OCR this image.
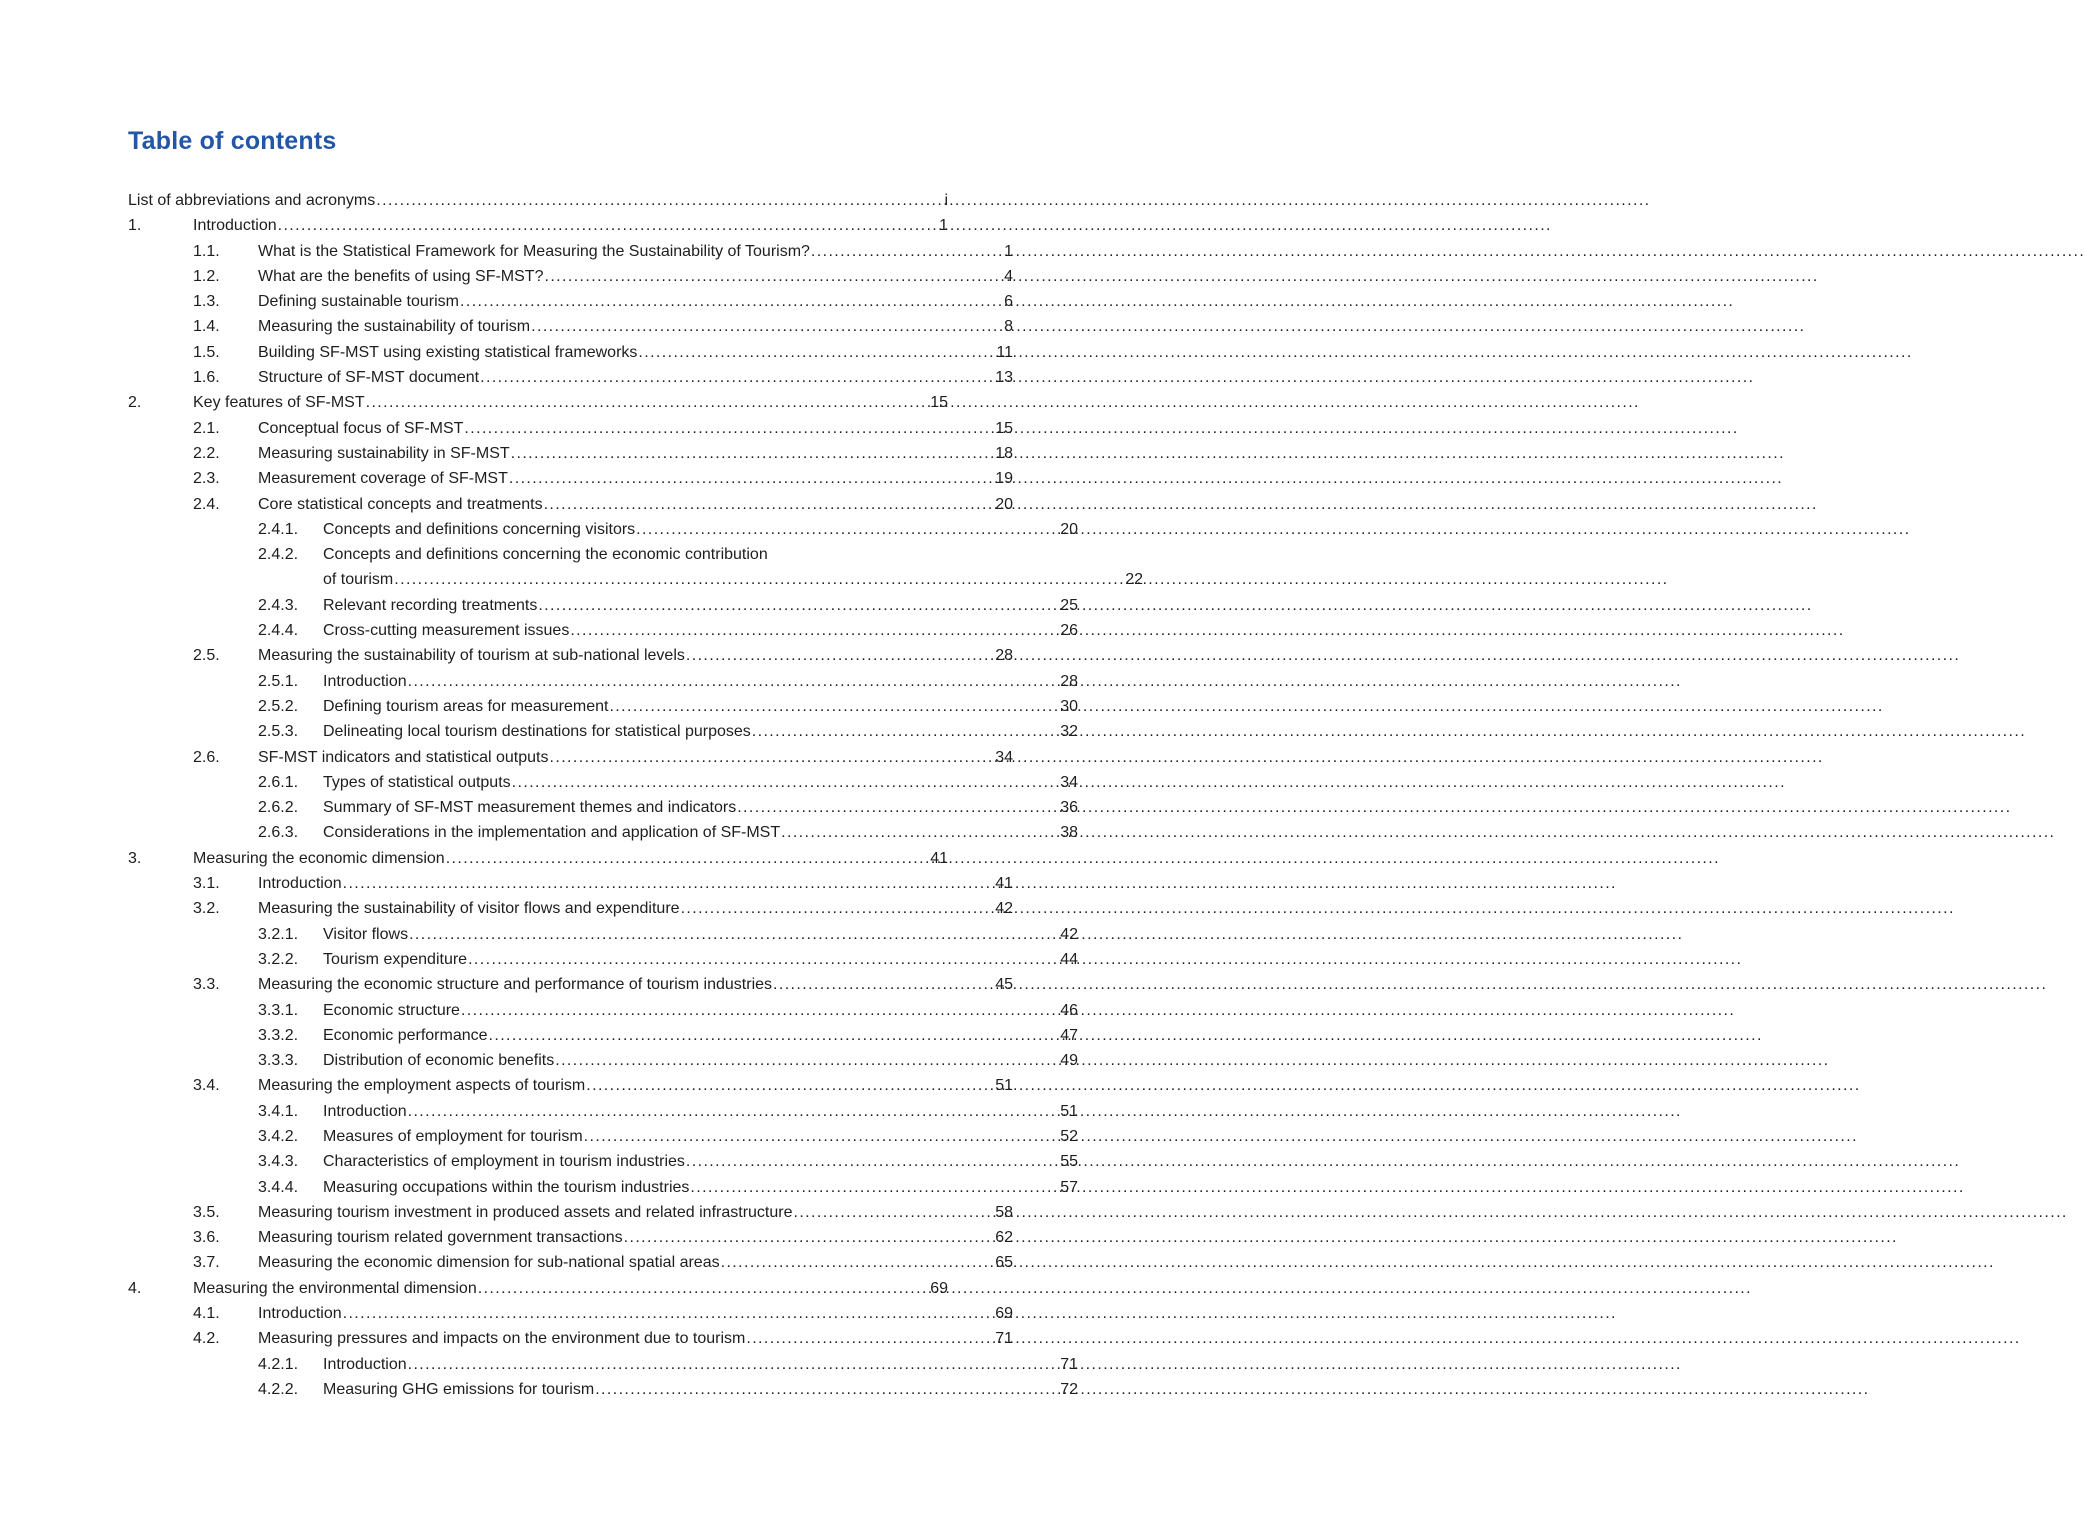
Table of contents
List of abbreviations and acronyms .....	i
1.	Introduction .....	1
1.1.	What is the Statistical Framework for Measuring the Sustainability of Tourism? .....	1
1.2.	What are the benefits of using SF-MST? .....	4
1.3.	Defining sustainable tourism .....	6
1.4.	Measuring the sustainability of tourism .....	8
1.5.	Building SF-MST using existing statistical frameworks .....	11
1.6.	Structure of SF-MST document .....	13
2.	Key features of SF-MST .....	15
2.1.	Conceptual focus of SF-MST .....	15
2.2.	Measuring sustainability in SF-MST .....	18
2.3.	Measurement coverage of SF-MST .....	19
2.4.	Core statistical concepts and treatments .....	20
2.4.1.	Concepts and definitions concerning visitors .....	20
2.4.2.	Concepts and definitions concerning the economic contribution
of tourism .....	22
2.4.3.	Relevant recording treatments .....	25
2.4.4.	Cross-cutting measurement issues .....	26
2.5.	Measuring the sustainability of tourism at sub-national levels .....	28
2.5.1.	Introduction .....	28
2.5.2.	Defining tourism areas for measurement .....	30
2.5.3.	Delineating local tourism destinations for statistical purposes .....	32
2.6.	SF-MST indicators and statistical outputs .....	34
2.6.1.	Types of statistical outputs .....	34
2.6.2.	Summary of SF-MST measurement themes and indicators .....	36
2.6.3.	Considerations in the implementation and application of SF-MST .....	38
3.	Measuring the economic dimension .....	41
3.1.	Introduction .....	41
3.2.	Measuring the sustainability of visitor flows and expenditure .....	42
3.2.1.	Visitor flows .....	42
3.2.2.	Tourism expenditure .....	44
3.3.	Measuring the economic structure and performance of tourism industries .....	45
3.3.1.	Economic structure .....	46
3.3.2.	Economic performance .....	47
3.3.3.	Distribution of economic benefits .....	49
3.4.	Measuring the employment aspects of tourism .....	51
3.4.1.	Introduction .....	51
3.4.2.	Measures of employment for tourism .....	52
3.4.3.	Characteristics of employment in tourism industries .....	55
3.4.4.	Measuring occupations within the tourism industries .....	57
3.5.	Measuring tourism investment in produced assets and related infrastructure .....	58
3.6.	Measuring tourism related government transactions .....	62
3.7.	Measuring the economic dimension for sub-national spatial areas .....	65
4.	Measuring the environmental dimension .....	69
4.1.	Introduction .....	69
4.2.	Measuring pressures and impacts on the environment due to tourism .....	71
4.2.1.	Introduction .....	71
4.2.2.	Measuring GHG emissions for tourism .....	72
